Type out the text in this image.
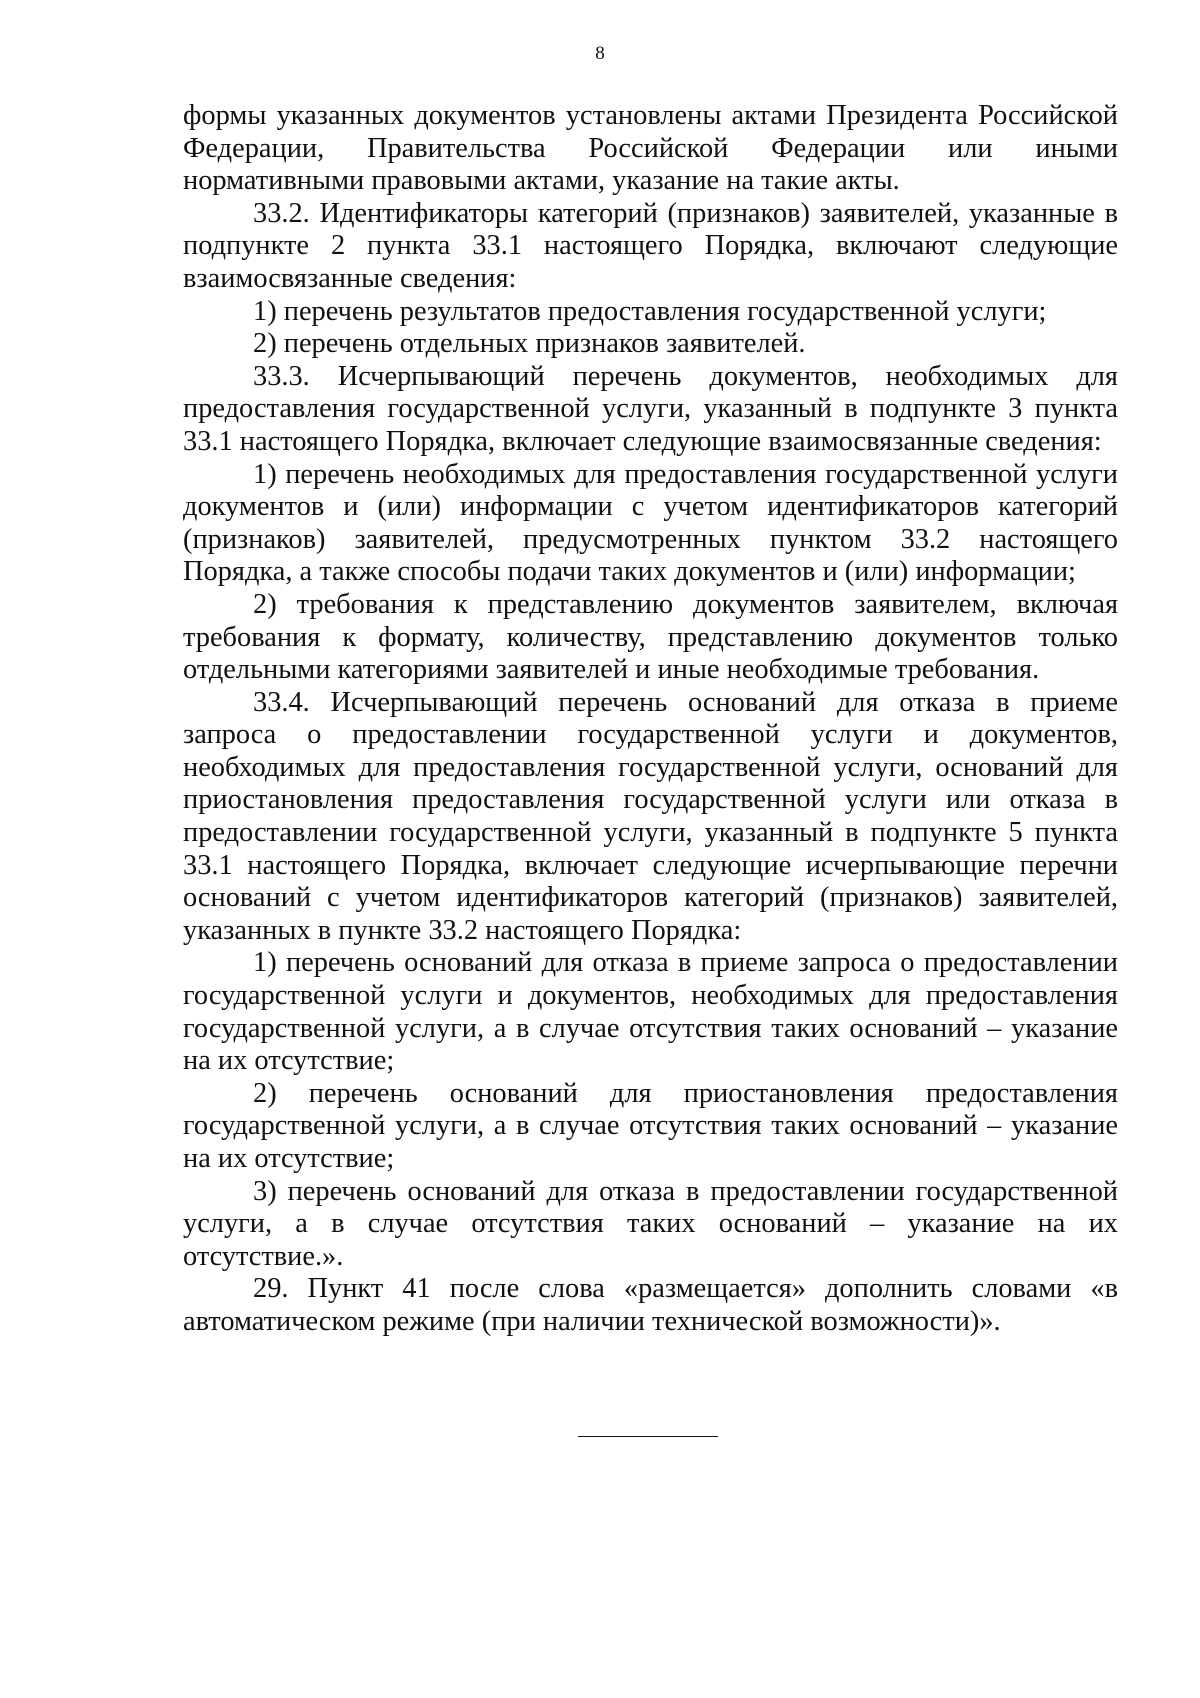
8

формы указанных документов установлены актами Президента Российской Федерации, Правительства Российской Федерации или иными нормативными правовыми актами, указание на такие акты.

33.2. Идентификаторы категорий (признаков) заявителей, указанные в подпункте 2 пункта 33.1 настоящего Порядка, включают следующие взаимосвязанные сведения:

1) перечень результатов предоставления государственной услуги;

2) перечень отдельных признаков заявителей.

33.3. Исчерпывающий перечень документов, необходимых для предоставления государственной услуги, указанный в подпункте 3 пункта 33.1 настоящего Порядка, включает следующие взаимосвязанные сведения:

1) перечень необходимых для предоставления государственной услуги документов и (или) информации с учетом идентификаторов категорий (признаков) заявителей, предусмотренных пунктом 33.2 настоящего Порядка, а также способы подачи таких документов и (или) информации;

2) требования к представлению документов заявителем, включая требования к формату, количеству, представлению документов только отдельными категориями заявителей и иные необходимые требования.

33.4. Исчерпывающий перечень оснований для отказа в приеме запроса о предоставлении государственной услуги и документов, необходимых для предоставления государственной услуги, оснований для приостановления предоставления государственной услуги или отказа в предоставлении государственной услуги, указанный в подпункте 5 пункта 33.1 настоящего Порядка, включает следующие исчерпывающие перечни оснований с учетом идентификаторов категорий (признаков) заявителей, указанных в пункте 33.2 настоящего Порядка:

1) перечень оснований для отказа в приеме запроса о предоставлении государственной услуги и документов, необходимых для предоставления государственной услуги, а в случае отсутствия таких оснований – указание на их отсутствие;

2) перечень оснований для приостановления предоставления государственной услуги, а в случае отсутствия таких оснований – указание на их отсутствие;

3) перечень оснований для отказа в предоставлении государственной услуги, а в случае отсутствия таких оснований – указание на их отсутствие.».

29. Пункт 41 после слова «размещается» дополнить словами «в автоматическом режиме (при наличии технической возможности)».
